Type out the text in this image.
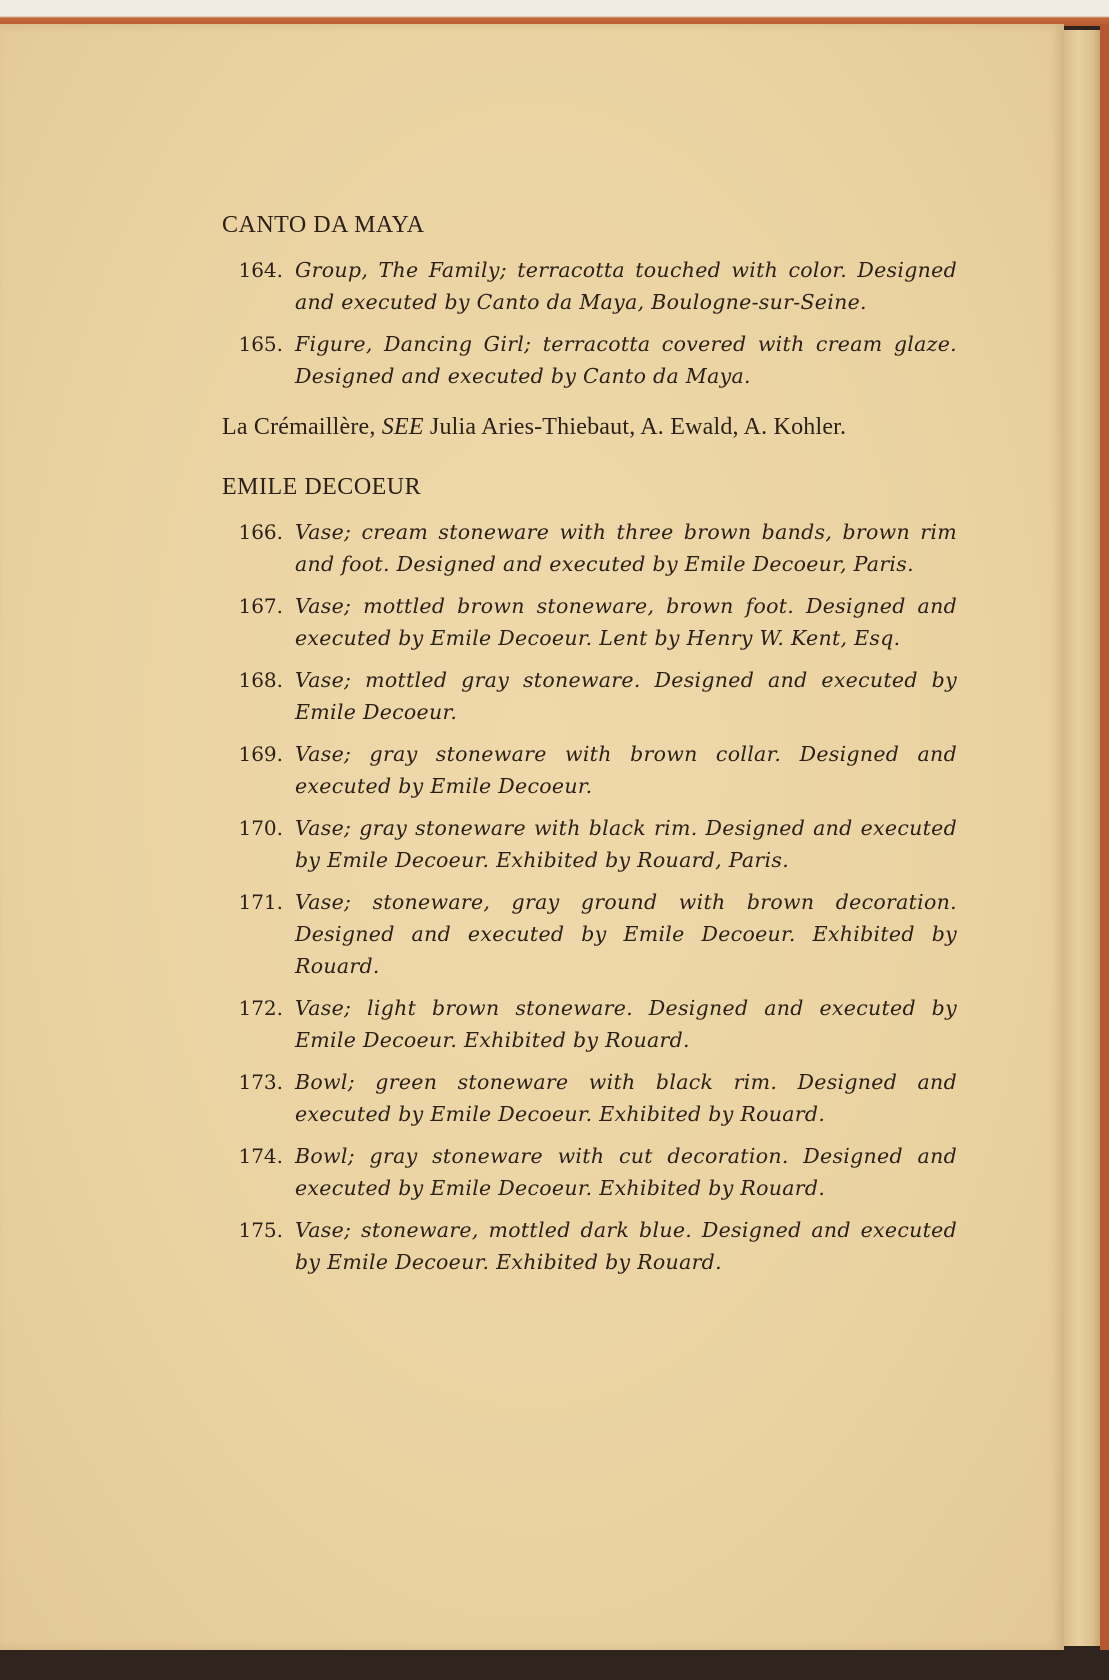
CANTO DA MAYA
164. Group, The Family; terracotta touched with color. Designed and executed by Canto da Maya, Boulogne-sur-Seine.
165. Figure, Dancing Girl; terracotta covered with cream glaze. Designed and executed by Canto da Maya.
La Crémaillère, SEE Julia Aries-Thiebaut, A. Ewald, A. Kohler.
EMILE DECOEUR
166. Vase; cream stoneware with three brown bands, brown rim and foot. Designed and executed by Emile Decoeur, Paris.
167. Vase; mottled brown stoneware, brown foot. Designed and executed by Emile Decoeur. Lent by Henry W. Kent, Esq.
168. Vase; mottled gray stoneware. Designed and executed by Emile Decoeur.
169. Vase; gray stoneware with brown collar. Designed and executed by Emile Decoeur.
170. Vase; gray stoneware with black rim. Designed and executed by Emile Decoeur. Exhibited by Rouard, Paris.
171. Vase; stoneware, gray ground with brown decoration. Designed and executed by Emile Decoeur. Exhibited by Rouard.
172. Vase; light brown stoneware. Designed and executed by Emile Decoeur. Exhibited by Rouard.
173. Bowl; green stoneware with black rim. Designed and executed by Emile Decoeur. Exhibited by Rouard.
174. Bowl; gray stoneware with cut decoration. Designed and executed by Emile Decoeur. Exhibited by Rouard.
175. Vase; stoneware, mottled dark blue. Designed and executed by Emile Decoeur. Exhibited by Rouard.
